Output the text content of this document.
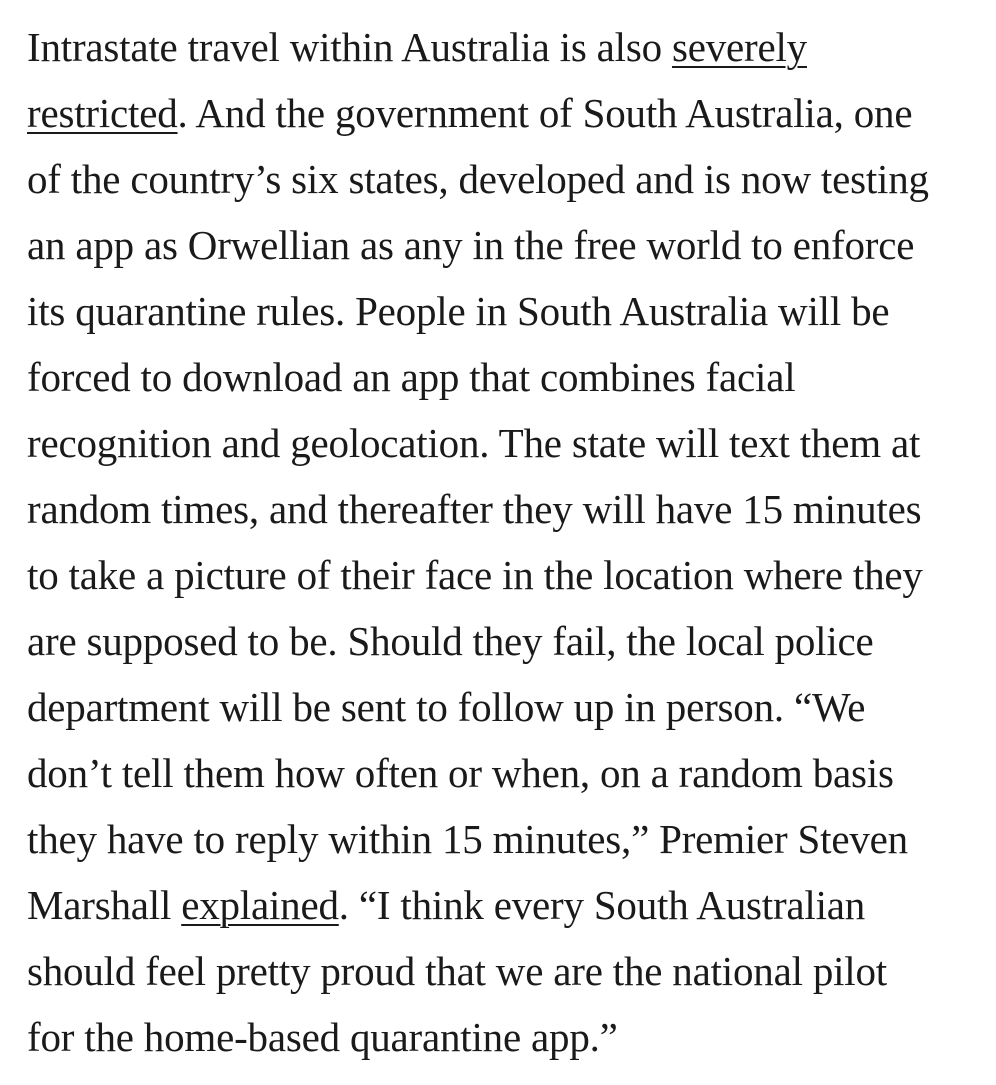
Intrastate travel within Australia is also severely
restricted. And the government of South Australia, one
of the country’s six states, developed and is now testing
an app as Orwellian as any in the free world to enforce
its quarantine rules. People in South Australia will be
forced to download an app that combines facial
recognition and geolocation. The state will text them at
random times, and thereafter they will have 15 minutes
to take a picture of their face in the location where they
are supposed to be. Should they fail, the local police
department will be sent to follow up in person. “We
don’t tell them how often or when, on a random basis
they have to reply within 15 minutes,” Premier Steven
Marshall explained. “I think every South Australian
should feel pretty proud that we are the national pilot
for the home-based quarantine app.”
